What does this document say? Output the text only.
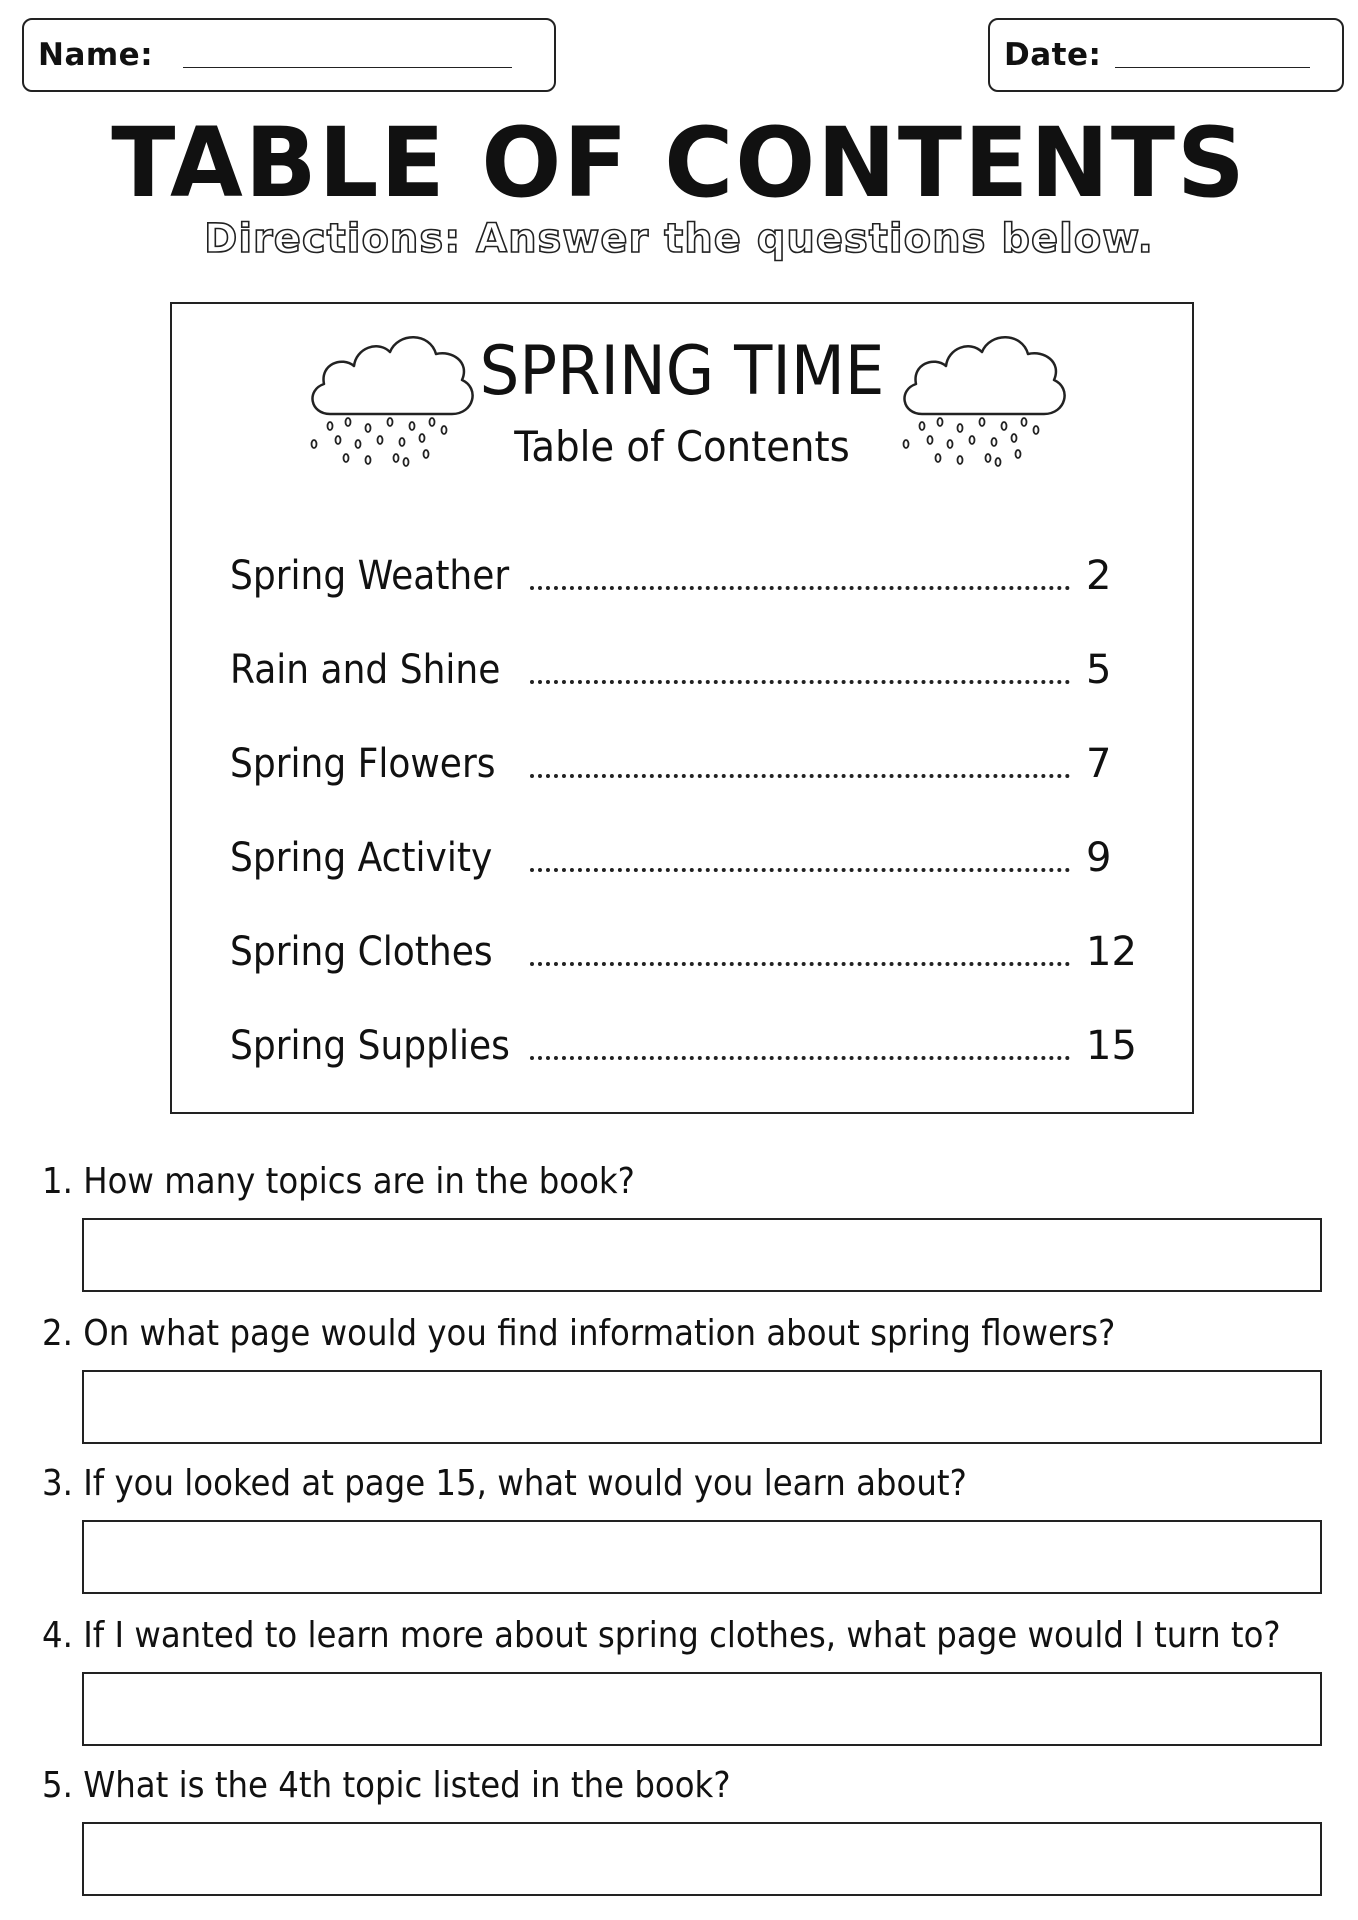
Name:	Date:
TABLE OF CONTENTS
Directions: Answer the questions below.
SPRING TIME
Table of Contents
Spring Weather	2
Rain and Shine	5
Spring Flowers	7
Spring Activity	9
Spring Clothes	12
Spring Supplies	15
1. How many topics are in the book?
2. On what page would you find information about spring flowers?
3. If you looked at page 15, what would you learn about?
4. If I wanted to learn more about spring clothes, what page would I turn to?
5. What is the 4th topic listed in the book?
